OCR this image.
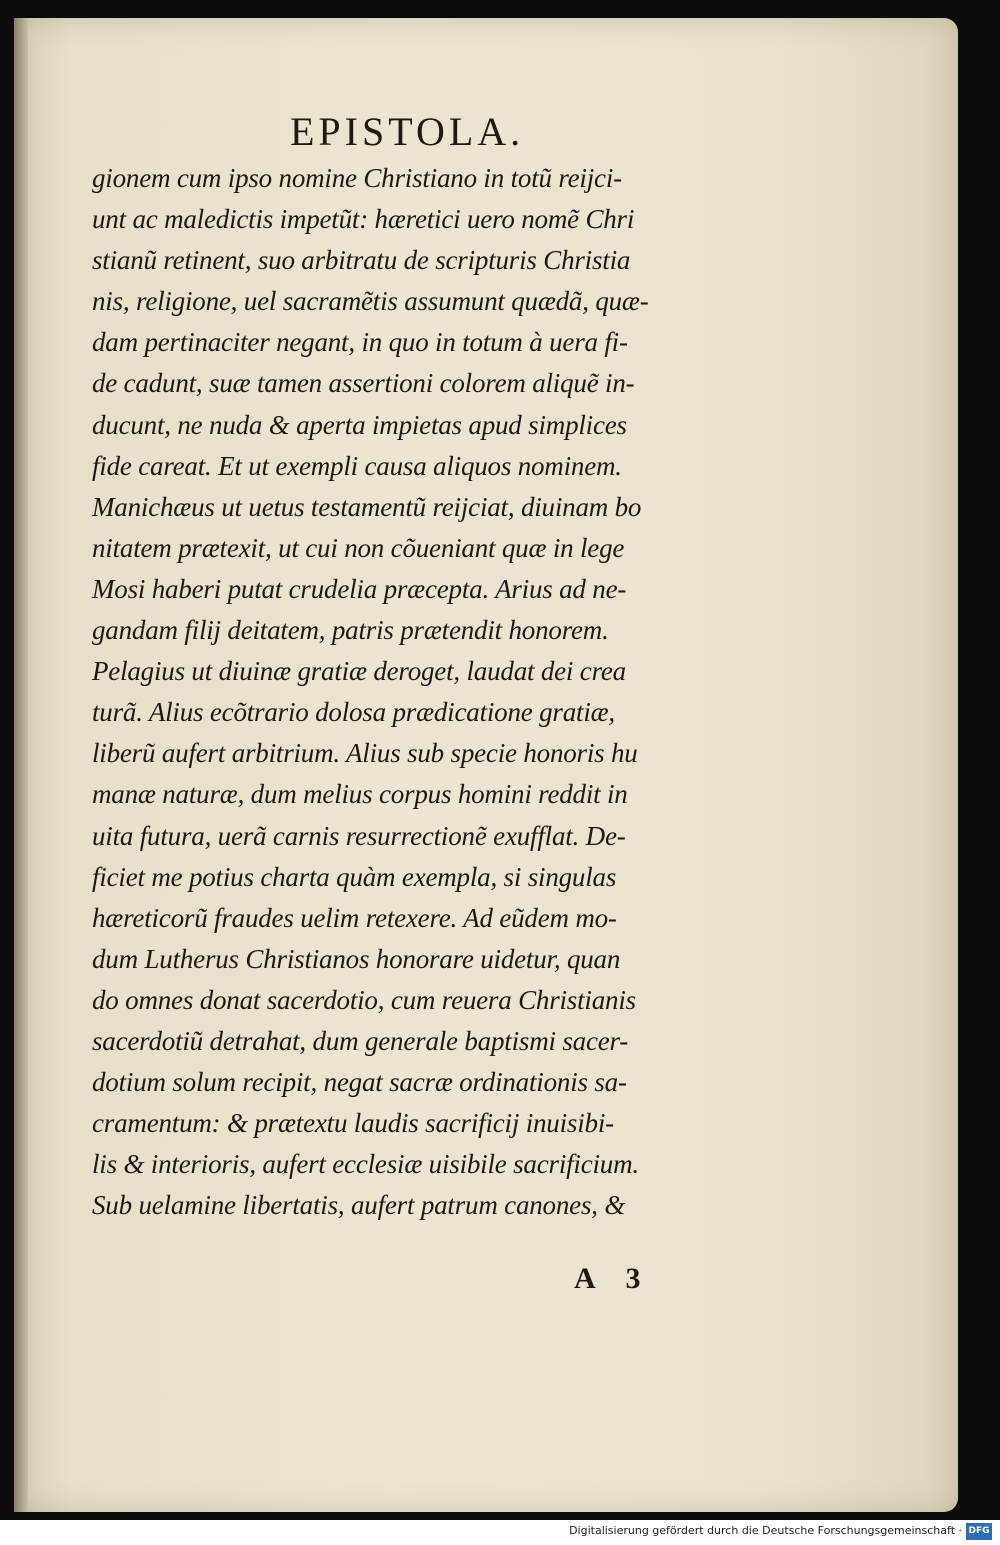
EPISTOLA.
gionem cum ipso nomine Christiano in totũ reijci-
unt ac maledictis impetũt: hæretici uero nomẽ Chri
stianũ retinent, suo arbitratu de scripturis Christia
nis, religione, uel sacramẽtis assumunt quædã, quæ-
dam pertinaciter negant, in quo in totum à uera fi-
de cadunt, suæ tamen assertioni colorem aliquẽ in-
ducunt, ne nuda & aperta impietas apud simplices
fide careat. Et ut exempli causa aliquos nominem.
Manichæus ut uetus testamentũ reijciat, diuinam bo
nitatem prætexit, ut cui non cõueniant quæ in lege
Mosi haberi putat crudelia præcepta. Arius ad ne-
gandam filij deitatem, patris prætendit honorem.
Pelagius ut diuinæ gratiæ deroget, laudat dei crea
turã. Alius ecõtrario dolosa prædicatione gratiæ,
liberũ aufert arbitrium. Alius sub specie honoris hu
manæ naturæ, dum melius corpus homini reddit in
uita futura, uerã carnis resurrectionẽ exufflat. De-
ficiet me potius charta quàm exempla, si singulas
hæreticorũ fraudes uelim retexere. Ad eũdem mo-
dum Lutherus Christianos honorare uidetur, quan
do omnes donat sacerdotio, cum reuera Christianis
sacerdotiũ detrahat, dum generale baptismi sacer-
dotium solum recipit, negat sacræ ordinationis sa-
cramentum: & prætextu laudis sacrificij inuisibi-
lis & interioris, aufert ecclesiæ uisibile sacrificium.
Sub uelamine libertatis, aufert patrum canones, &
A 3
Digitalisierung gefördert durch die Deutsche Forschungsgemeinschaft · DFG
